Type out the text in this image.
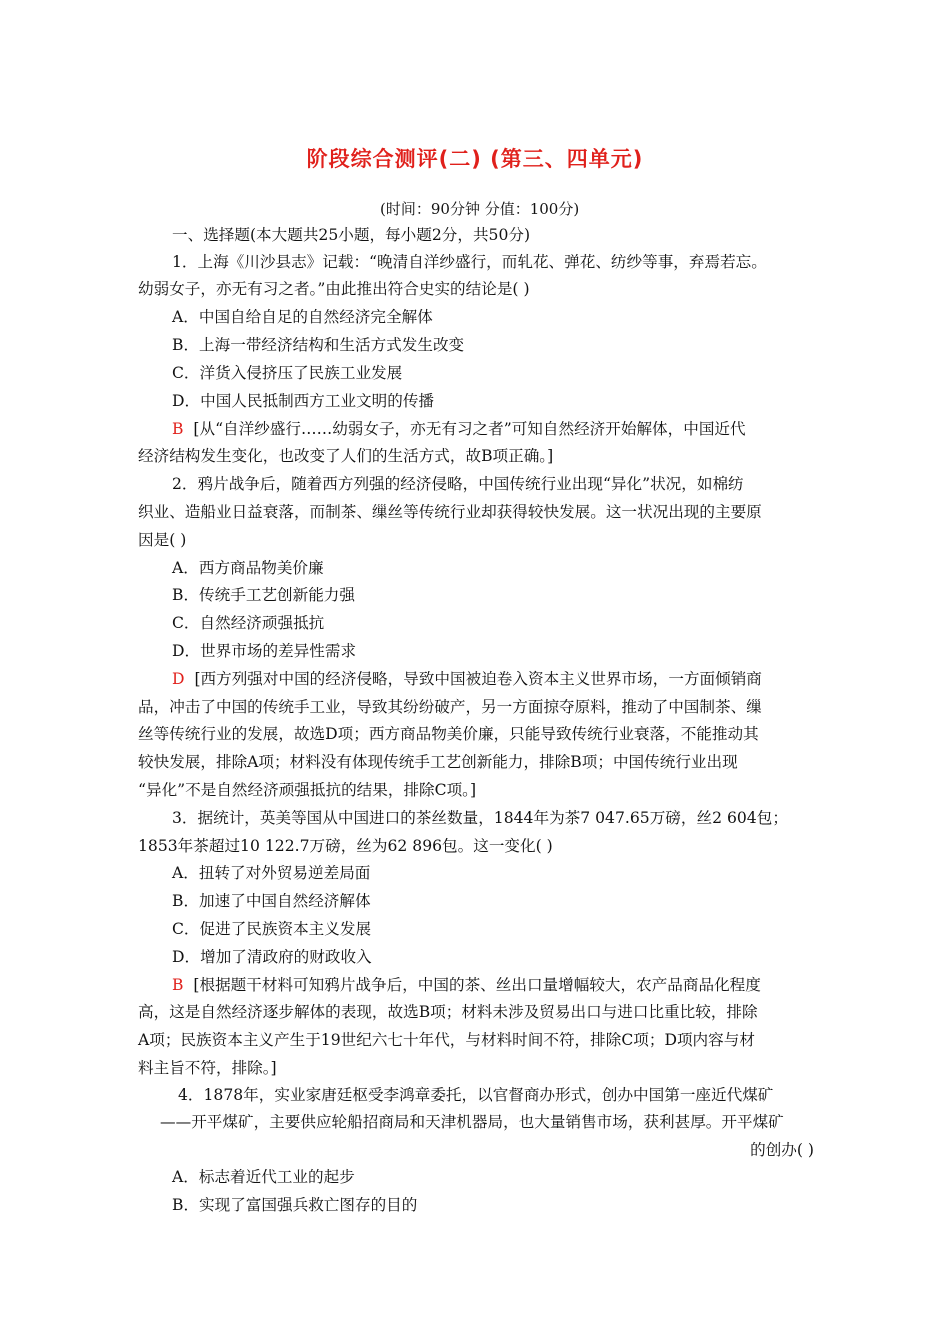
阶段综合测评(二) (第三、四单元)
(时间：90分钟 分值：100分)
一、选择题(本大题共25小题，每小题2分，共50分)
1．上海《川沙县志》记载：“晚清自洋纱盛行，而轧花、弹花、纺纱等事，弃焉若忘。
幼弱女子，亦无有习之者。”由此推出符合史实的结论是( )
A．中国自给自足的自然经济完全解体
B．上海一带经济结构和生活方式发生改变
C．洋货入侵挤压了民族工业发展
D．中国人民抵制西方工业文明的传播
B [从“自洋纱盛行……幼弱女子，亦无有习之者”可知自然经济开始解体，中国近代
经济结构发生变化，也改变了人们的生活方式，故B项正确。]
2．鸦片战争后，随着西方列强的经济侵略，中国传统行业出现“异化”状况，如棉纺
织业、造船业日益衰落，而制茶、缫丝等传统行业却获得较快发展。这一状况出现的主要原
因是( )
A．西方商品物美价廉
B．传统手工艺创新能力强
C．自然经济顽强抵抗
D．世界市场的差异性需求
D [西方列强对中国的经济侵略，导致中国被迫卷入资本主义世界市场，一方面倾销商
品，冲击了中国的传统手工业，导致其纷纷破产，另一方面掠夺原料，推动了中国制茶、缫
丝等传统行业的发展，故选D项；西方商品物美价廉，只能导致传统行业衰落，不能推动其
较快发展，排除A项；材料没有体现传统手工艺创新能力，排除B项；中国传统行业出现
“异化”不是自然经济顽强抵抗的结果，排除C项。]
3．据统计，英美等国从中国进口的茶丝数量，1844年为茶7 047.65万磅，丝2 604包；
1853年茶超过10 122.7万磅，丝为62 896包。这一变化( )
A．扭转了对外贸易逆差局面
B．加速了中国自然经济解体
C．促进了民族资本主义发展
D．增加了清政府的财政收入
B [根据题干材料可知鸦片战争后，中国的茶、丝出口量增幅较大，农产品商品化程度
高，这是自然经济逐步解体的表现，故选B项；材料未涉及贸易出口与进口比重比较，排除
A项；民族资本主义产生于19世纪六七十年代，与材料时间不符，排除C项；D项内容与材
料主旨不符，排除。]
4．1878年，实业家唐廷枢受李鸿章委托，以官督商办形式，创办中国第一座近代煤矿
——开平煤矿，主要供应轮船招商局和天津机器局，也大量销售市场，获利甚厚。开平煤矿
的创办( )
A．标志着近代工业的起步
B．实现了富国强兵救亡图存的目的
